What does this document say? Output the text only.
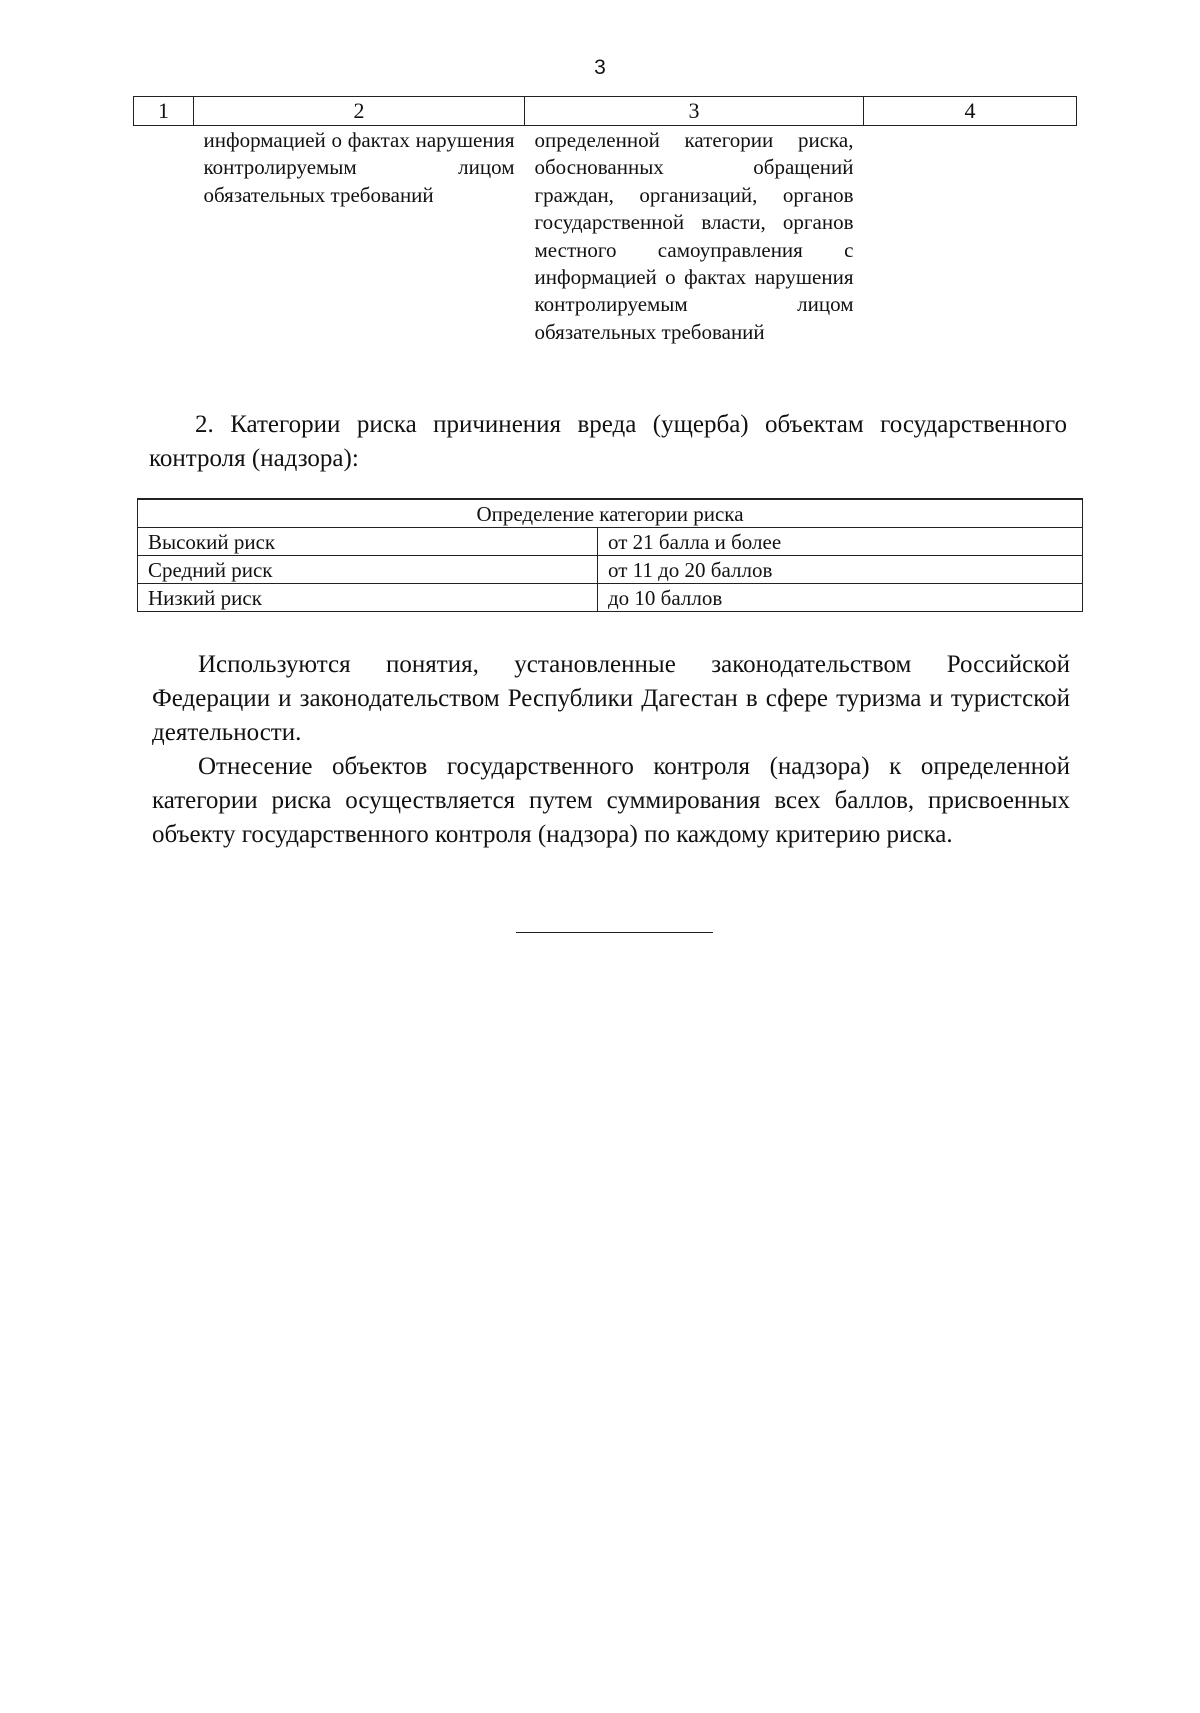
3
1	2	3	4
	информацией о фактах нарушения контролируемым лицом обязательных требований	определенной категории риска, обоснованных обращений граждан, организаций, органов государственной власти, органов местного самоуправления с информацией о фактах нарушения контролируемым лицом обязательных требований	
2. Категории риска причинения вреда (ущерба) объектам государственного контроля (надзора):
Определение категории риска	
Высокий риск	от 21 балла и более
Средний риск	от 11 до 20 баллов
Низкий риск	до 10 баллов

Используются понятия, установленные законодательством Российской Федерации и законодательством Республики Дагестан в сфере туризма и туристской деятельности.

Отнесение объектов государственного контроля (надзора) к определенной категории риска осуществляется путем суммирования всех баллов, присвоенных объекту государственного контроля (надзора) по каждому критерию риска.
